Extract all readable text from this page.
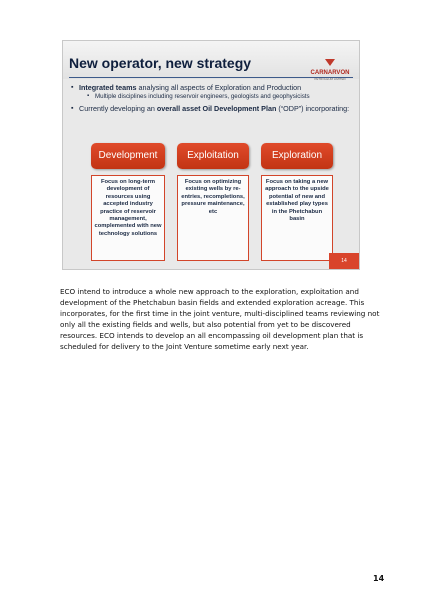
New operator, new strategy
CARNARVON
PETROLEUM LIMITED
▪ Integrated teams analysing all aspects of Exploration and Production
▪ Multiple disciplines including reservoir engineers, geologists and geophysicists
▪ Currently developing an overall asset Oil Development Plan (“ODP”) incorporating:
Development	Exploitation	Exploration
Focus on long-term development of resources using accepted industry practice of reservoir management, complemented with new technology solutions
Focus on optimizing existing wells by re-entries, recompletions, pressure maintenance, etc
Focus on taking a new approach to the upside potential of new and established play types in the Phetchabun basin
14

ECO intend to introduce a whole new approach to the exploration, exploitation and development of the Phetchabun basin fields and extended exploration acreage. This incorporates, for the first time in the joint venture, multi-disciplined teams reviewing not only all the existing fields and wells, but also potential from yet to be discovered resources. ECO intends to develop an all encompassing oil development plan that is scheduled for delivery to the Joint Venture sometime early next year.

14
